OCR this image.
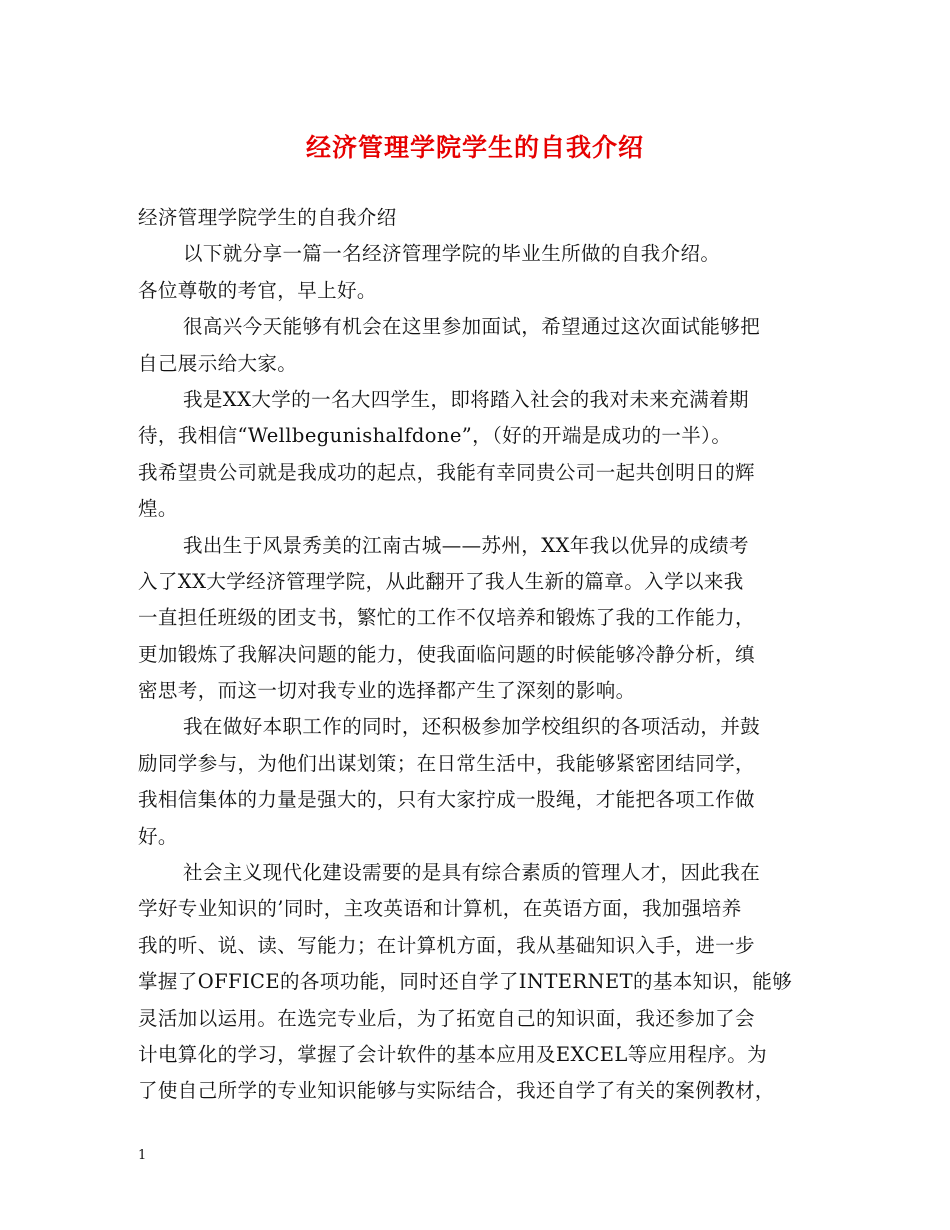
经济管理学院学生的自我介绍
经济管理学院学生的自我介绍
以下就分享一篇一名经济管理学院的毕业生所做的自我介绍。
各位尊敬的考官，早上好。
很高兴今天能够有机会在这里参加面试，希望通过这次面试能够把
自己展示给大家。
我是XX大学的一名大四学生，即将踏入社会的我对未来充满着期
待，我相信“Wellbegunishalfdone”，（好的开端是成功的一半）。
我希望贵公司就是我成功的起点，我能有幸同贵公司一起共创明日的辉
煌。
我出生于风景秀美的江南古城——苏州，XX年我以优异的成绩考
入了XX大学经济管理学院，从此翻开了我人生新的篇章。入学以来我
一直担任班级的团支书，繁忙的工作不仅培养和锻炼了我的工作能力，
更加锻炼了我解决问题的能力，使我面临问题的时候能够冷静分析，缜
密思考，而这一切对我专业的选择都产生了深刻的影响。
我在做好本职工作的同时，还积极参加学校组织的各项活动，并鼓
励同学参与，为他们出谋划策；在日常生活中，我能够紧密团结同学，
我相信集体的力量是强大的，只有大家拧成一股绳，才能把各项工作做
好。
社会主义现代化建设需要的是具有综合素质的管理人才，因此我在
学好专业知识的’同时，主攻英语和计算机，在英语方面，我加强培养
我的听、说、读、写能力；在计算机方面，我从基础知识入手，进一步
掌握了OFFICE的各项功能，同时还自学了INTERNET的基本知识，能够
灵活加以运用。在选完专业后，为了拓宽自己的知识面，我还参加了会
计电算化的学习，掌握了会计软件的基本应用及EXCEL等应用程序。为
了使自己所学的专业知识能够与实际结合，我还自学了有关的案例教材，
1
